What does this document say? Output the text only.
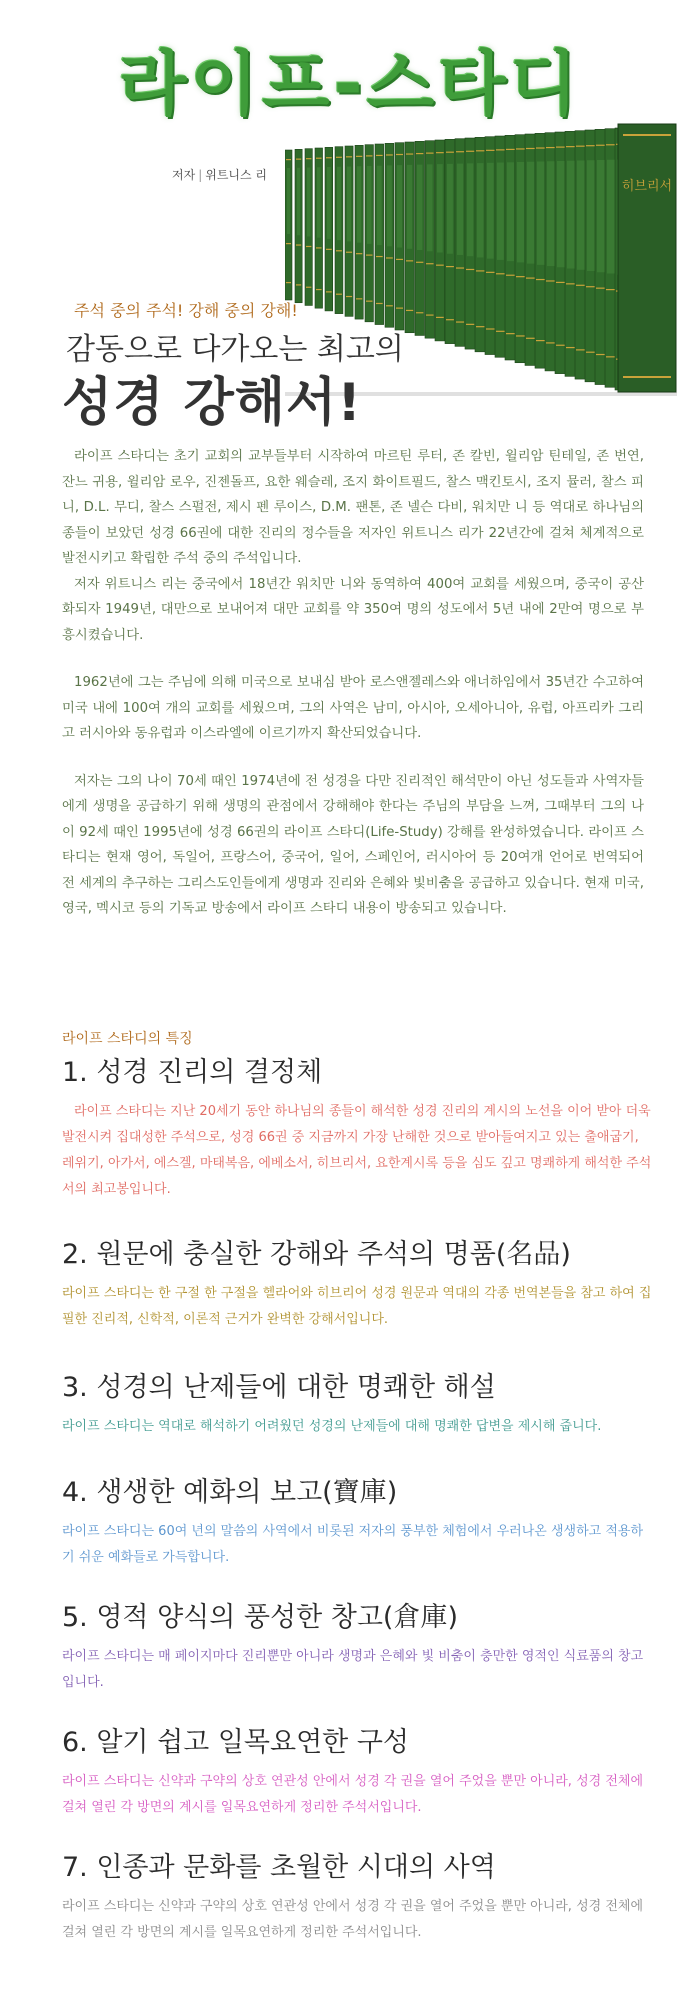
라이프-스타디
저자 | 위트니스 리
히브리서
주석 중의 주석! 강해 중의 강해!
감동으로 다가오는 최고의
성경 강해서!

라이프 스타디는 초기 교회의 교부들부터 시작하여 마르틴 루터, 존 칼빈, 윌리암 틴테일, 존 번연, 잔느 귀용, 윌리암 로우, 진젠돌프, 요한 웨슬레, 조지 화이트필드, 찰스 맥킨토시, 조지 뮬러, 찰스 피니, D.L. 무디, 찰스 스펄전, 제시 펜 루이스, D.M. 팬톤, 존 넬슨 다비, 워치만 니 등 역대로 하나님의 종들이 보았던 성경 66권에 대한 진리의 정수들을 저자인 위트니스 리가 22년간에 걸쳐 체계적으로 발전시키고 확립한 주석 중의 주석입니다.

저자 위트니스 리는 중국에서 18년간 워치만 니와 동역하여 400여 교회를 세웠으며, 중국이 공산화되자 1949년, 대만으로 보내어져 대만 교회를 약 350여 명의 성도에서 5년 내에 2만여 명으로 부흥시켰습니다.

1962년에 그는 주님에 의해 미국으로 보내심 받아 로스앤젤레스와 애너하임에서 35년간 수고하여 미국 내에 100여 개의 교회를 세웠으며, 그의 사역은 남미, 아시아, 오세아니아, 유럽, 아프리카 그리고 러시아와 동유럽과 이스라엘에 이르기까지 확산되었습니다.

저자는 그의 나이 70세 때인 1974년에 전 성경을 다만 진리적인 해석만이 아닌 성도들과 사역자들에게 생명을 공급하기 위해 생명의 관점에서 강해해야 한다는 주님의 부담을 느껴, 그때부터 그의 나이 92세 때인 1995년에 성경 66권의 라이프 스타디(Life-Study) 강해를 완성하였습니다. 라이프 스타디는 현재 영어, 독일어, 프랑스어, 중국어, 일어, 스페인어, 러시아어 등 20여개 언어로 번역되어 전 세계의 추구하는 그리스도인들에게 생명과 진리와 은혜와 빛비춤을 공급하고 있습니다. 현재 미국, 영국, 멕시코 등의 기독교 방송에서 라이프 스타디 내용이 방송되고 있습니다.

라이프 스타디의 특징
1. 성경 진리의 결정체
라이프 스타디는 지난 20세기 동안 하나님의 종들이 해석한 성경 진리의 계시의 노선을 이어 받아 더욱 발전시켜 집대성한 주석으로, 성경 66권 중 지금까지 가장 난해한 것으로 받아들여지고 있는 출애굽기, 레위기, 아가서, 에스겔, 마태복음, 에베소서, 히브리서, 요한계시록 등을 심도 깊고 명쾌하게 해석한 주석서의 최고봉입니다.
2. 원문에 충실한 강해와 주석의 명품(名品)
라이프 스타디는 한 구절 한 구절을 헬라어와 히브리어 성경 원문과 역대의 각종 번역본들을 참고 하여 집필한 진리적, 신학적, 이론적 근거가 완벽한 강해서입니다.
3. 성경의 난제들에 대한 명쾌한 해설
라이프 스타디는 역대로 해석하기 어려웠던 성경의 난제들에 대해 명쾌한 답변을 제시해 줍니다.
4. 생생한 예화의 보고(寶庫)
라이프 스타디는 60여 년의 말씀의 사역에서 비롯된 저자의 풍부한 체험에서 우러나온 생생하고 적용하기 쉬운 예화들로 가득합니다.
5. 영적 양식의 풍성한 창고(倉庫)
라이프 스타디는 매 페이지마다 진리뿐만 아니라 생명과 은혜와 빛 비춤이 충만한 영적인 식료품의 창고입니다.
6. 알기 쉽고 일목요연한 구성
라이프 스타디는 신약과 구약의 상호 연관성 안에서 성경 각 권을 열어 주었을 뿐만 아니라, 성경 전체에 걸쳐 열린 각 방면의 계시를 일목요연하게 정리한 주석서입니다.
7. 인종과 문화를 초월한 시대의 사역
라이프 스타디는 신약과 구약의 상호 연관성 안에서 성경 각 권을 열어 주었을 뿐만 아니라, 성경 전체에 걸쳐 열린 각 방면의 계시를 일목요연하게 정리한 주석서입니다.
